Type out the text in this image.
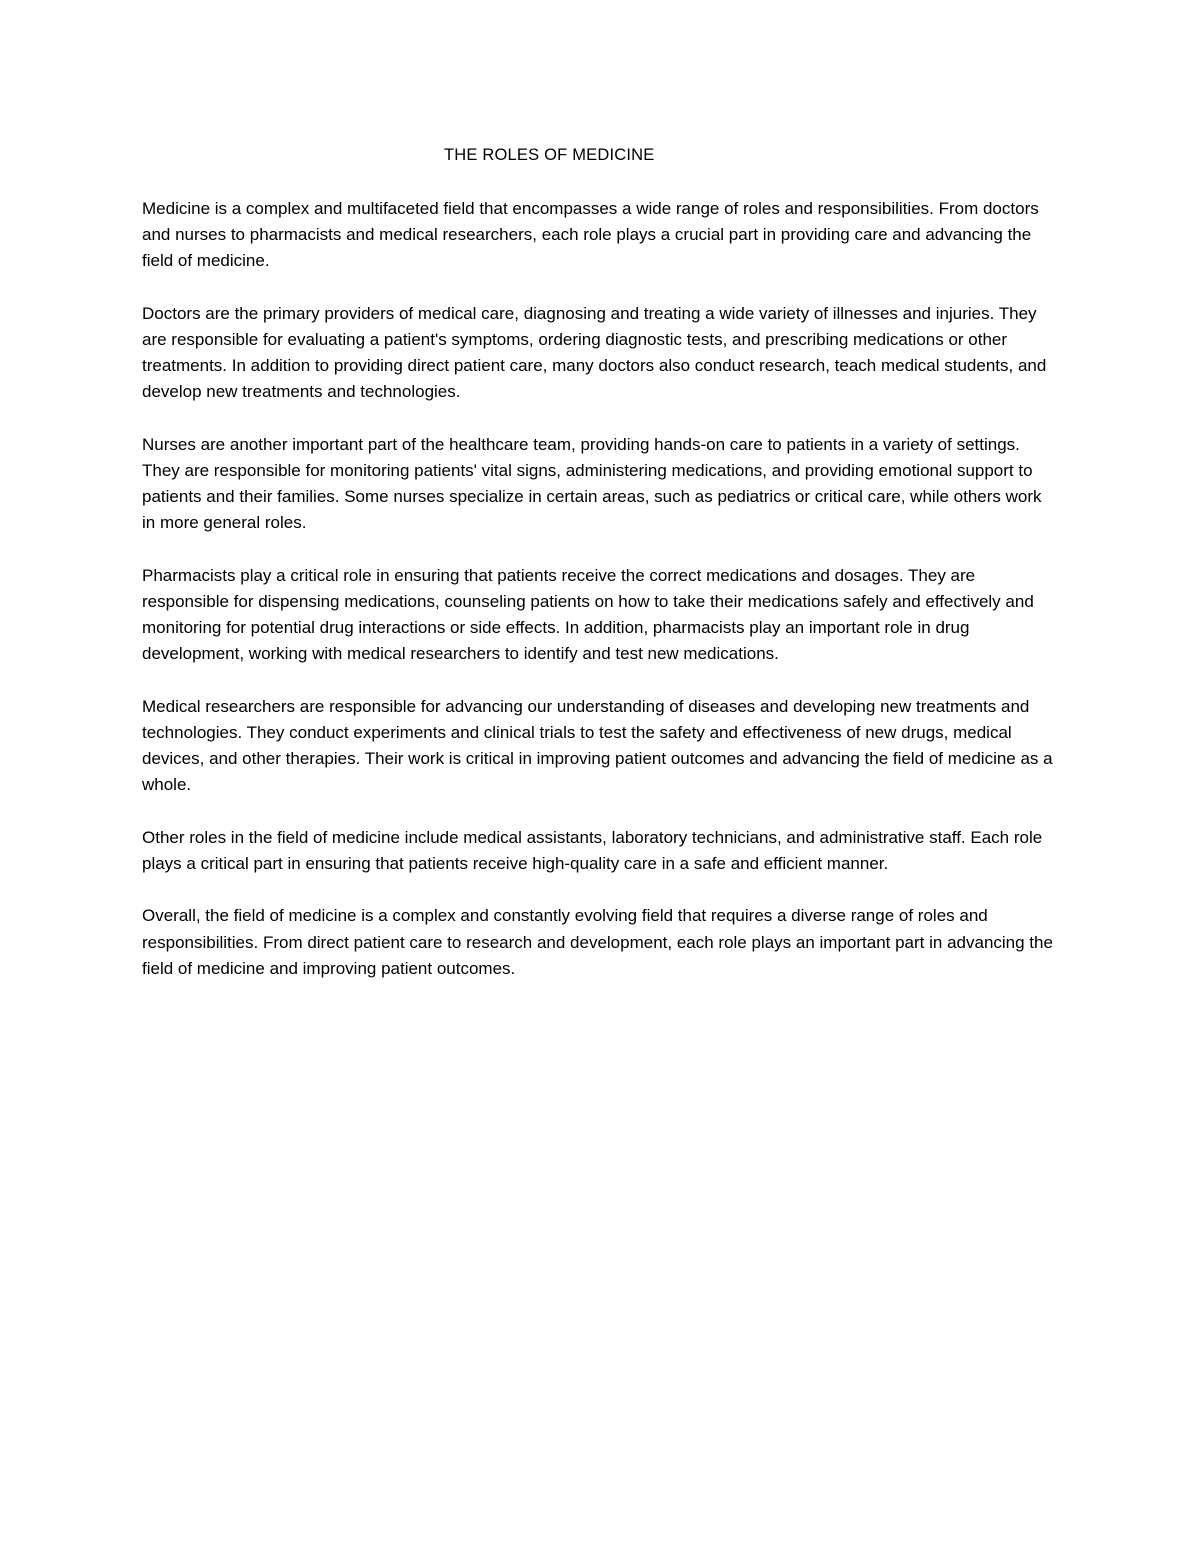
THE ROLES OF MEDICINE

Medicine is a complex and multifaceted field that encompasses a wide range of roles and responsibilities. From doctors and nurses to pharmacists and medical researchers, each role plays a crucial part in providing care and advancing the field of medicine.

Doctors are the primary providers of medical care, diagnosing and treating a wide variety of illnesses and injuries. They are responsible for evaluating a patient's symptoms, ordering diagnostic tests, and prescribing medications or other treatments. In addition to providing direct patient care, many doctors also conduct research, teach medical students, and develop new treatments and technologies.

Nurses are another important part of the healthcare team, providing hands-on care to patients in a variety of settings. They are responsible for monitoring patients' vital signs, administering medications, and providing emotional support to patients and their families. Some nurses specialize in certain areas, such as pediatrics or critical care, while others work in more general roles.

Pharmacists play a critical role in ensuring that patients receive the correct medications and dosages. They are responsible for dispensing medications, counseling patients on how to take their medications safely and effectively and monitoring for potential drug interactions or side effects. In addition, pharmacists play an important role in drug development, working with medical researchers to identify and test new medications.

Medical researchers are responsible for advancing our understanding of diseases and developing new treatments and technologies. They conduct experiments and clinical trials to test the safety and effectiveness of new drugs, medical devices, and other therapies. Their work is critical in improving patient outcomes and advancing the field of medicine as a whole.

Other roles in the field of medicine include medical assistants, laboratory technicians, and administrative staff. Each role plays a critical part in ensuring that patients receive high-quality care in a safe and efficient manner.

Overall, the field of medicine is a complex and constantly evolving field that requires a diverse range of roles and responsibilities. From direct patient care to research and development, each role plays an important part in advancing the field of medicine and improving patient outcomes.
